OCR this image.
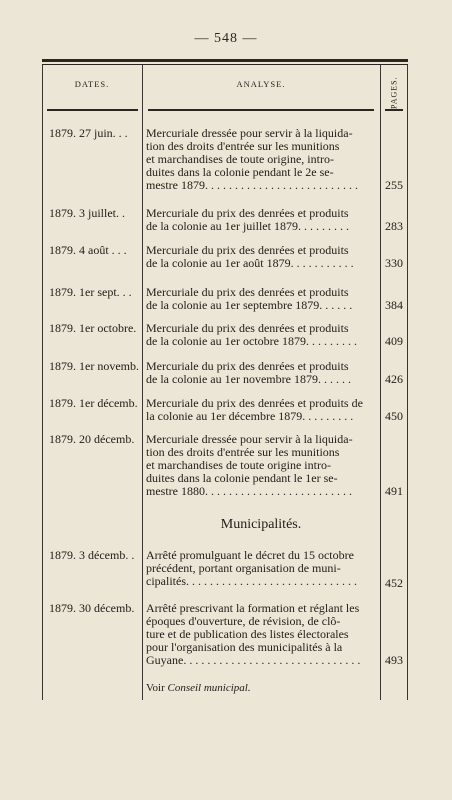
— 548 —
DATES.	ANALYSE.	PAGES.
1879. 27 juin. . .	Mercuriale dressée pour servir à la liquida-
tion des droits d'entrée sur les munitions
et marchandises de toute origine, intro-
duites dans la colonie pendant le 2e se-
mestre 1879. . . . . . . . . . . . . . . . . . . . . . . . . .	255
1879. 3 juillet. .	Mercuriale du prix des denrées et produits
de la colonie au 1er juillet 1879. . . . . . . . .	283
1879. 4 août . . .	Mercuriale du prix des denrées et produits
de la colonie au 1er août 1879. . . . . . . . . . .	330
1879. 1er sept. . .	Mercuriale du prix des denrées et produits
de la colonie au 1er septembre 1879. . . . . .	384
1879. 1er octobre. Mercuriale du prix des denrées et produits
de la colonie au 1er octobre 1879. . . . . . . . .	409
1879. 1er novemb. Mercuriale du prix des denrées et produits
de la colonie au 1er novembre 1879. . . . . .	426
1879. 1er décemb. Mercuriale du prix des denrées et produits de
la colonie au 1er décembre 1879. . . . . . . . .	450
1879. 20 décemb. Mercuriale dressée pour servir à la liquida-
tion des droits d'entrée sur les munitions
et marchandises de toute origine intro-
duites dans la colonie pendant le 1er se-
mestre 1880. . . . . . . . . . . . . . . . . . . . . . . . .	491
Municipalités.
1879. 3 décemb. . Arrêté promulguant le décret du 15 octobre
précédent, portant organisation de muni-
cipalités. . . . . . . . . . . . . . . . . . . . . . . . . . . . .	452
1879. 30 décemb. Arrêté prescrivant la formation et réglant les
époques d'ouverture, de révision, de clô-
ture et de publication des listes électorales
pour l'organisation des municipalités à la
Guyane. . . . . . . . . . . . . . . . . . . . . . . . . . . . . .	493
Voir Conseil municipal.
